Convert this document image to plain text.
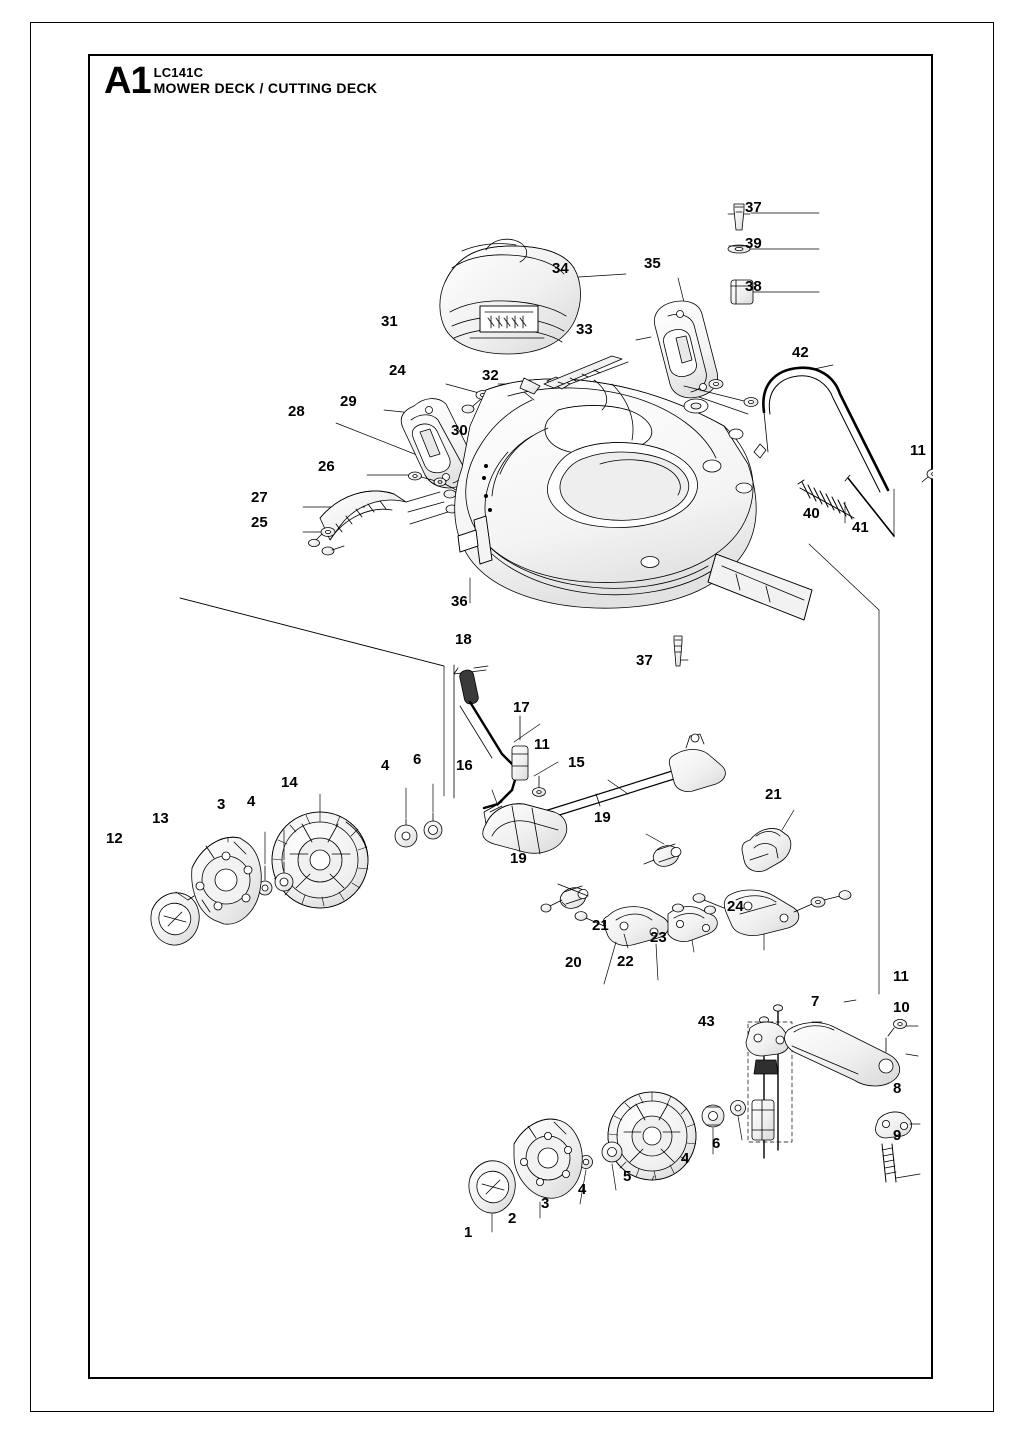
A1 LC141C
MOWER DECK / CUTTING DECK
37
39
38
34	35
31	33
32
24
42
29
28
30
11
26
27
25
40
41
36
18
37
17
11
4 6 16	15
14
21
3 4
13	19
12
19
24
21
23
20 22
11
10
7
43
8
9
4
6
5
4
3
2
1
